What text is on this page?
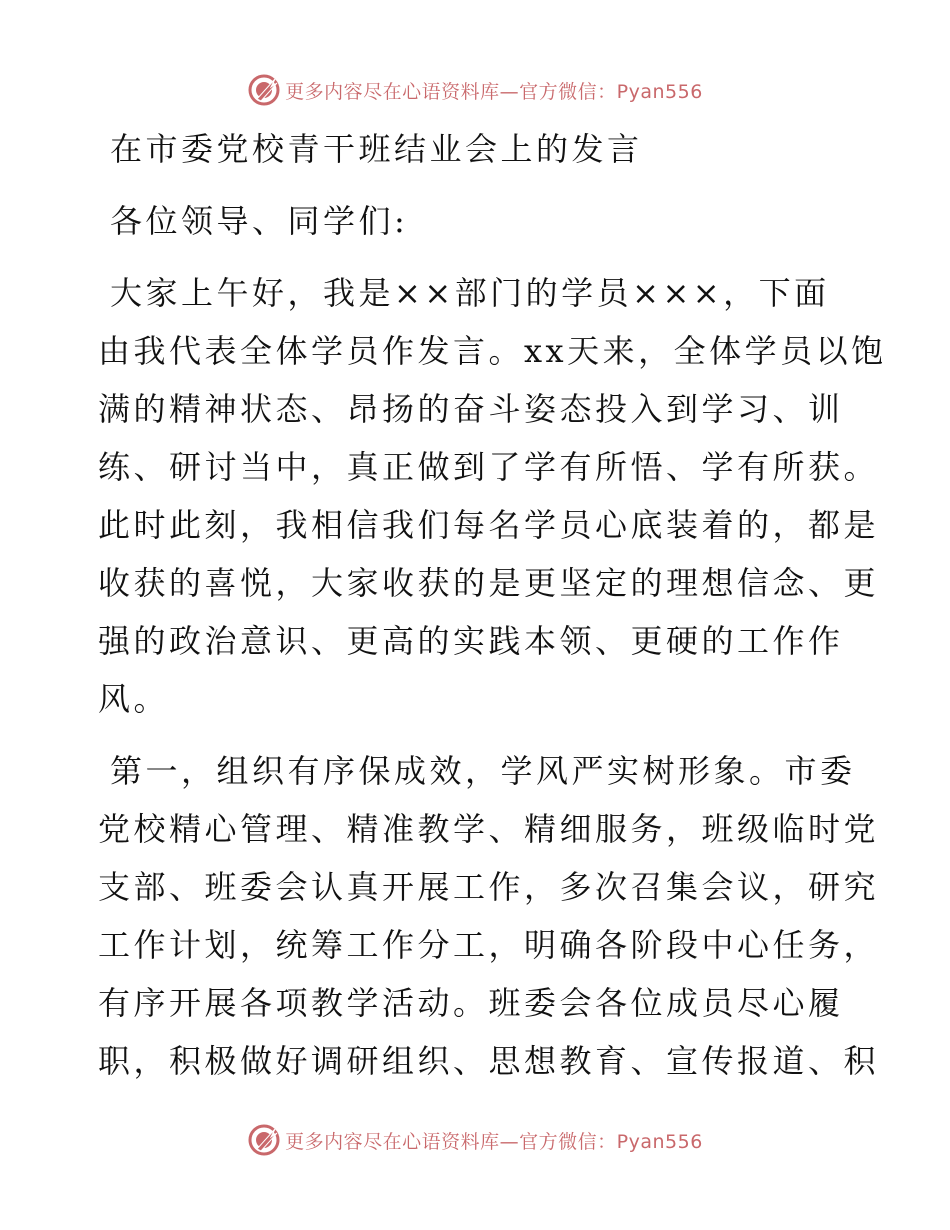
更多内容尽在心语资料库—官方微信：Pyan556
在市委党校青干班结业会上的发言
各位领导、同学们:
大家上午好，我是××部门的学员×××，下面
由我代表全体学员作发言。xx天来，全体学员以饱
满的精神状态、昂扬的奋斗姿态投入到学习、训
练、研讨当中，真正做到了学有所悟、学有所获。
此时此刻，我相信我们每名学员心底装着的，都是
收获的喜悦，大家收获的是更坚定的理想信念、更
强的政治意识、更高的实践本领、更硬的工作作
风。
第一，组织有序保成效，学风严实树形象。市委
党校精心管理、精准教学、精细服务，班级临时党
支部、班委会认真开展工作，多次召集会议，研究
工作计划，统筹工作分工，明确各阶段中心任务，
有序开展各项教学活动。班委会各位成员尽心履
职，积极做好调研组织、思想教育、宣传报道、积
更多内容尽在心语资料库—官方微信：Pyan556
